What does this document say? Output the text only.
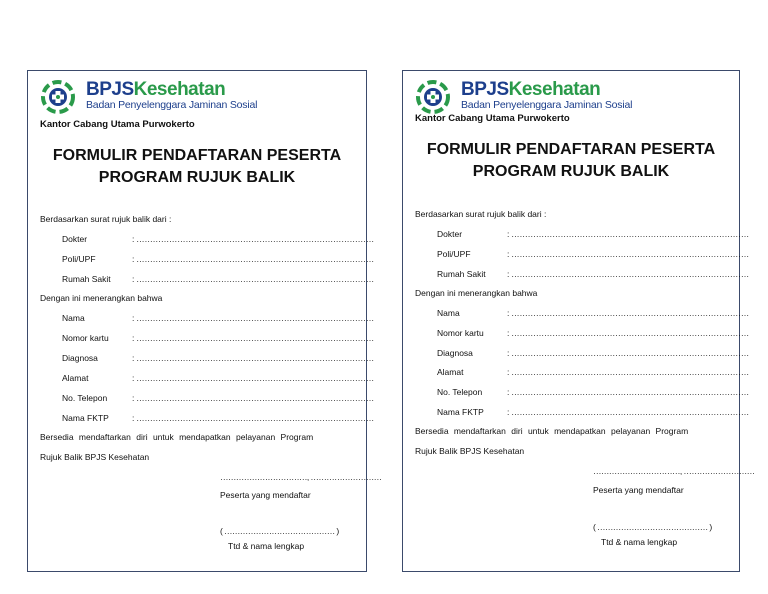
BPJSKesehatan
Badan Penyelenggara Jaminan Sosial
Kantor Cabang Utama Purwokerto
FORMULIR PENDAFTARAN PESERTA
PROGRAM RUJUK BALIK
Berdasarkan surat rujuk balik dari :
Dokter	: ……………………………………………………………………………
Poli/UPF	: ……………………………………………………………………………
Rumah Sakit	: ……………………………………………………………………………
Dengan ini menerangkan bahwa
Nama	: ……………………………………………………………………………
Nomor kartu	: ……………………………………………………………………………
Diagnosa	: ……………………………………………………………………………
Alamat	: ……………………………………………………………………………
No. Telepon	: ……………………………………………………………………………
Nama FKTP	: ……………………………………………………………………………
Bersedia mendaftarkan diri untuk mendapatkan pelayanan Program
Rujuk Balik BPJS Kesehatan
……………………………, ………………………
Peserta yang mendaftar
( …………………………………… )
Ttd & nama lengkap
BPJSKesehatan
Badan Penyelenggara Jaminan Sosial
Kantor Cabang Utama Purwokerto
FORMULIR PENDAFTARAN PESERTA
PROGRAM RUJUK BALIK
Berdasarkan surat rujuk balik dari :
Dokter	: ……………………………………………………………………………
Poli/UPF	: ……………………………………………………………………………
Rumah Sakit	: ……………………………………………………………………………
Dengan ini menerangkan bahwa
Nama	: ……………………………………………………………………………
Nomor kartu	: ……………………………………………………………………………
Diagnosa	: ……………………………………………………………………………
Alamat	: ……………………………………………………………………………
No. Telepon	: ……………………………………………………………………………
Nama FKTP	: ……………………………………………………………………………
Bersedia mendaftarkan diri untuk mendapatkan pelayanan Program
Rujuk Balik BPJS Kesehatan
……………………………, ………………………
Peserta yang mendaftar
( …………………………………… )
Ttd & nama lengkap
